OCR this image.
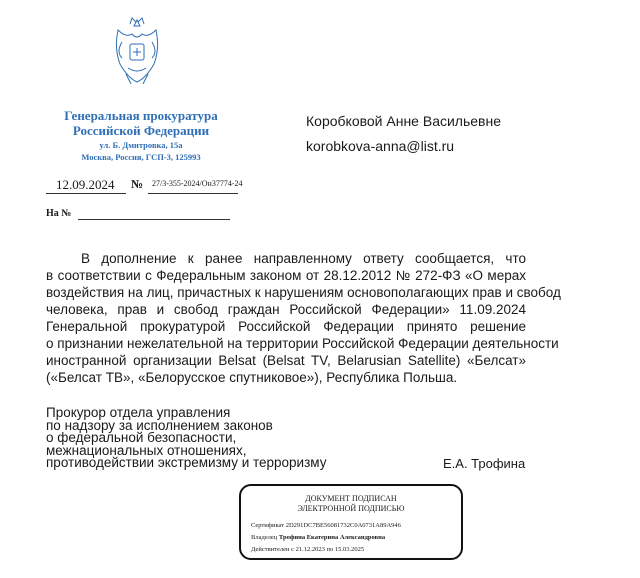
Генеральная прокуратура
Российской Федерации
ул. Б. Дмитровка, 15а
Москва, Россия, ГСП-3, 125993
12.09.2024 № 27/3-355-2024/Он37774-24
На №
Коробковой Анне Васильевне
korobkova-anna@list.ru
В дополнение к ранее направленному ответу сообщается, что
в соответствии с Федеральным законом от 28.12.2012 № 272-ФЗ «О мерах
воздействия на лиц, причастных к нарушениям основополагающих прав и свобод
человека, прав и свобод граждан Российской Федерации» 11.09.2024
Генеральной прокуратурой Российской Федерации принято решение
о признании нежелательной на территории Российской Федерации деятельности
иностранной организации Belsat (Belsat TV, Belarusian Satellite) «Белсат»
(«Белсат ТВ», «Белорусское спутниковое»), Республика Польша.
Прокурор отдела управления
по надзору за исполнением законов
о федеральной безопасности,
межнациональных отношениях,
противодействии экстремизму и терроризму	Е.А. Трофина
ДОКУМЕНТ ПОДПИСАН
ЭЛЕКТРОННОЙ ПОДПИСЬЮ
Сертификат 2D291DC7BE56081732C0A0731A89A946
Владелец Трофина Екатерина Александровна
Действителен с 21.12.2023 по 15.03.2025
